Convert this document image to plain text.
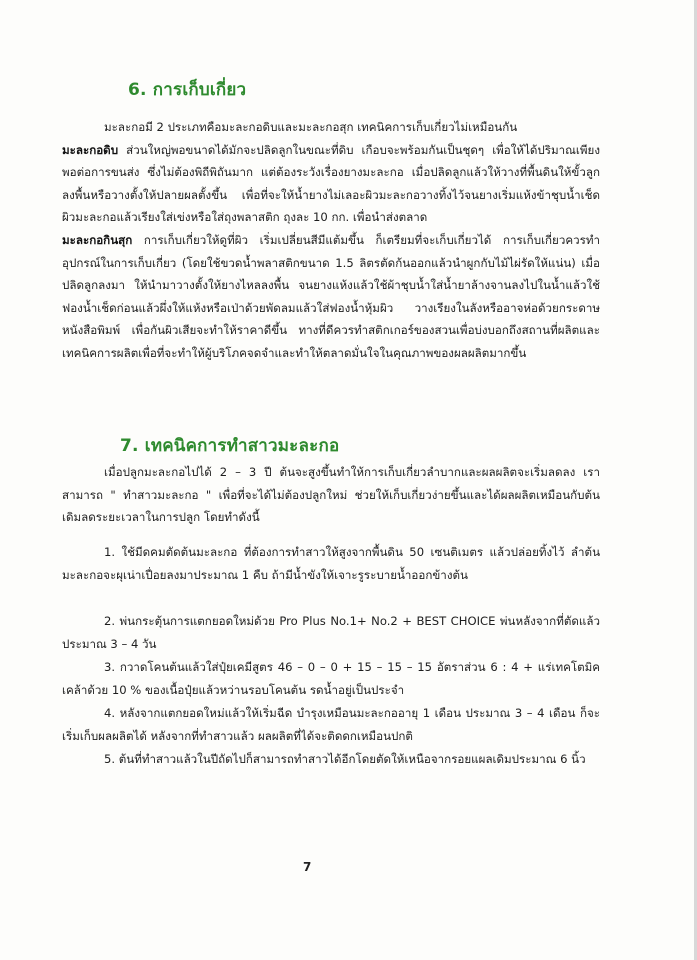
6. การเก็บเกี่ยว

มะละกอมี 2 ประเภทคือมะละกอดิบและมะละกอสุก เทคนิคการเก็บเกี่ยวไม่เหมือนกัน
มะละกอดิบ ส่วนใหญ่พอขนาดได้มักจะปลิดลูกในขณะที่ดิบ เกือบจะพร้อมกันเป็นชุดๆ เพื่อให้ได้ปริมาณเพียงพอต่อการขนส่ง ซึ่งไม่ต้องพิถีพิถันมาก แต่ต้องระวังเรื่องยางมะละกอ เมื่อปลิดลูกแล้วให้วางที่พื้นดินให้ขั้วลูกลงพื้นหรือวางตั้งให้ปลายผลตั้งขึ้น เพื่อที่จะให้น้ำยางไม่เลอะผิวมะละกอวางทิ้งไว้จนยางเริ่มแห้งข้าชุบน้ำเช็ดผิวมะละกอแล้วเรียงใส่เข่งหรือใส่ถุงพลาสติก ถุงละ 10 กก. เพื่อนำส่งตลาด

มะละกอกินสุก การเก็บเกี่ยวให้ดูที่ผิว เริ่มเปลี่ยนสีมีแต้มขึ้น ก็เตรียมที่จะเก็บเกี่ยวได้ การเก็บเกี่ยวควรทำอุปกรณ์ในการเก็บเกี่ยว (โดยใช้ขวดน้ำพลาสติกขนาด 1.5 ลิตรตัดก้นออกแล้วนำผูกกับไม้ไผ่รัดให้แน่น) เมื่อปลิดลูกลงมา ให้นำมาวางตั้งให้ยางไหลลงพื้น จนยางแห้งแล้วใช้ผ้าชุบน้ำใส่น้ำยาล้างจานลงไปในน้ำแล้วใช้ฟองน้ำเช็ดก่อนแล้วผึ่งให้แห้งหรือเป่าด้วยพัดลมแล้วใส่ฟองน้ำหุ้มผิว วางเรียงในลังหรืออาจห่อด้วยกระดาษหนังสือพิมพ์ เพื่อกันผิวเสียจะทำให้ราคาดีขึ้น ทางที่ดีควรทำสติกเกอร์ของสวนเพื่อบ่งบอกถึงสถานที่ผลิตและเทคนิคการผลิตเพื่อที่จะทำให้ผู้บริโภคจดจำและทำให้ตลาดมั่นใจในคุณภาพของผลผลิตมากขึ้น

7. เทคนิคการทำสาวมะละกอ

เมื่อปลูกมะละกอไปได้ 2 – 3 ปี ต้นจะสูงขึ้นทำให้การเก็บเกี่ยวลำบากและผลผลิตจะเริ่มลดลง เราสามารถ " ทำสาวมะละกอ " เพื่อที่จะได้ไม่ต้องปลูกใหม่ ช่วยให้เก็บเกี่ยวง่ายขึ้นและได้ผลผลิตเหมือนกับต้นเดิมลดระยะเวลาในการปลูก โดยทำดังนี้

1. ใช้มีดคมตัดต้นมะละกอ ที่ต้องการทำสาวให้สูงจากพื้นดิน 50 เซนติเมตร แล้วปล่อยทิ้งไว้ ลำต้นมะละกอจะผุเน่าเปื่อยลงมาประมาณ 1 คืบ ถ้ามีน้ำขังให้เจาะรูระบายน้ำออกข้างต้น

2. พ่นกระตุ้นการแตกยอดใหม่ด้วย Pro Plus No.1+ No.2 + BEST CHOICE พ่นหลังจากที่ตัดแล้วประมาณ 3 – 4 วัน

3. กวาดโคนต้นแล้วใส่ปุ๋ยเคมีสูตร 46 – 0 – 0 + 15 – 15 – 15 อัตราส่วน 6 : 4 + แร่เทคโตมิค เคล้าด้วย 10 % ของเนื้อปุ๋ยแล้วหว่านรอบโคนต้น รดน้ำอยู่เป็นประจำ

4. หลังจากแตกยอดใหม่แล้วให้เริ่มฉีด บำรุงเหมือนมะละกออายุ 1 เดือน ประมาณ 3 – 4 เดือน ก็จะเริ่มเก็บผลผลิตได้ หลังจากที่ทำสาวแล้ว ผลผลิตที่ได้จะติดดกเหมือนปกติ

5. ต้นที่ทำสาวแล้วในปีถัดไปก็สามารถทำสาวได้อีกโดยตัดให้เหนือจากรอยแผลเดิมประมาณ 6 นิ้ว

7
